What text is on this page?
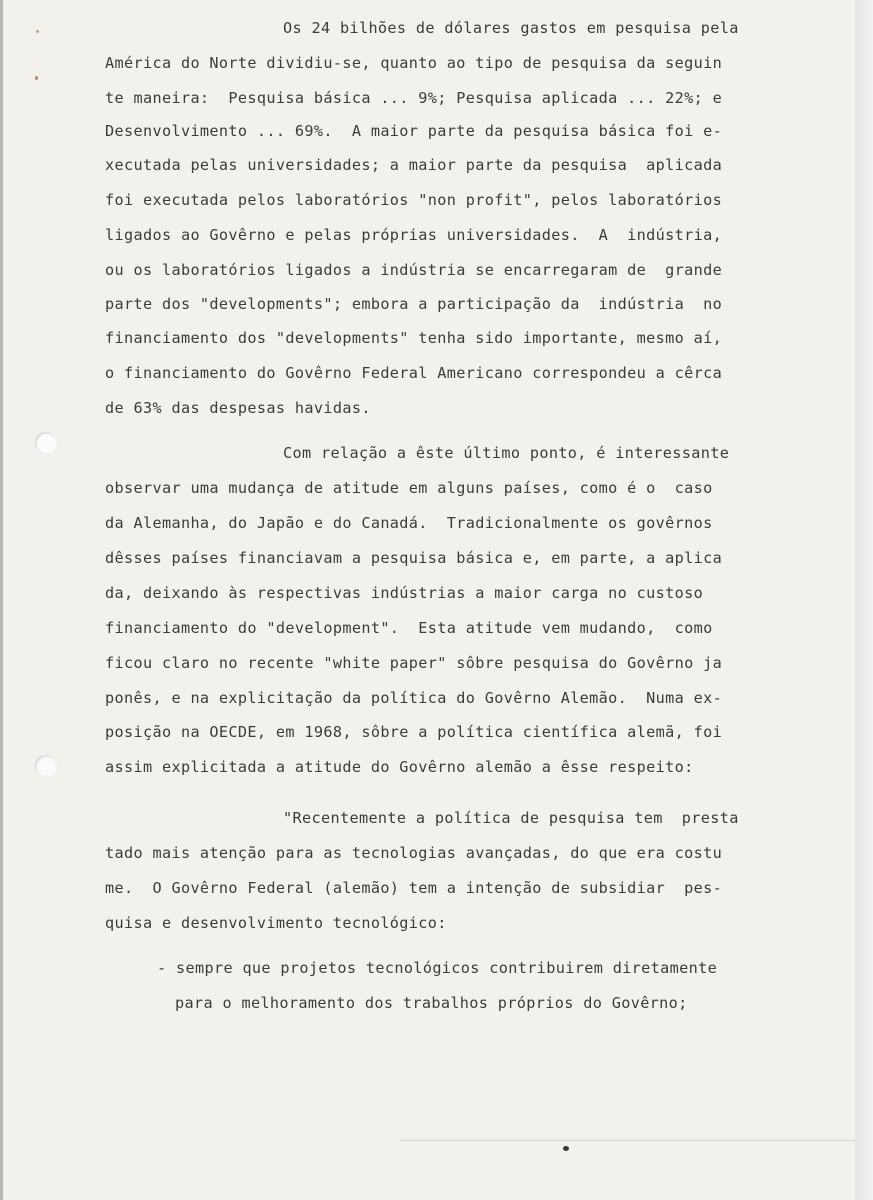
Os 24 bilhões de dólares gastos em pesquisa pela
América do Norte dividiu-se, quanto ao tipo de pesquisa da seguin
te maneira:  Pesquisa básica ... 9%; Pesquisa aplicada ... 22%; e
Desenvolvimento ... 69%.  A maior parte da pesquisa básica foi e-
xecutada pelas universidades; a maior parte da pesquisa  aplicada
foi executada pelos laboratórios "non profit", pelos laboratórios
ligados ao Govêrno e pelas próprias universidades.  A  indústria,
ou os laboratórios ligados a indústria se encarregaram de  grande
parte dos "developments"; embora a participação da  indústria  no
financiamento dos "developments" tenha sido importante, mesmo aí,
o financiamento do Govêrno Federal Americano correspondeu a cêrca
de 63% das despesas havidas.
Com relação a êste último ponto, é interessante
observar uma mudança de atitude em alguns países, como é o  caso
da Alemanha, do Japão e do Canadá.  Tradicionalmente os govêrnos
dêsses países financiavam a pesquisa básica e, em parte, a aplica
da, deixando às respectivas indústrias a maior carga no custoso
financiamento do "development".  Esta atitude vem mudando,  como
ficou claro no recente "white paper" sôbre pesquisa do Govêrno ja
ponês, e na explicitação da política do Govêrno Alemão.  Numa ex-
posição na OECDE, em 1968, sôbre a política científica alemã, foi
assim explicitada a atitude do Govêrno alemão a êsse respeito:
"Recentemente a política de pesquisa tem  presta
tado mais atenção para as tecnologias avançadas, do que era costu
me.  O Govêrno Federal (alemão) tem a intenção de subsidiar  pes-
quisa e desenvolvimento tecnológico:
- sempre que projetos tecnológicos contribuirem diretamente
para o melhoramento dos trabalhos próprios do Govêrno;
